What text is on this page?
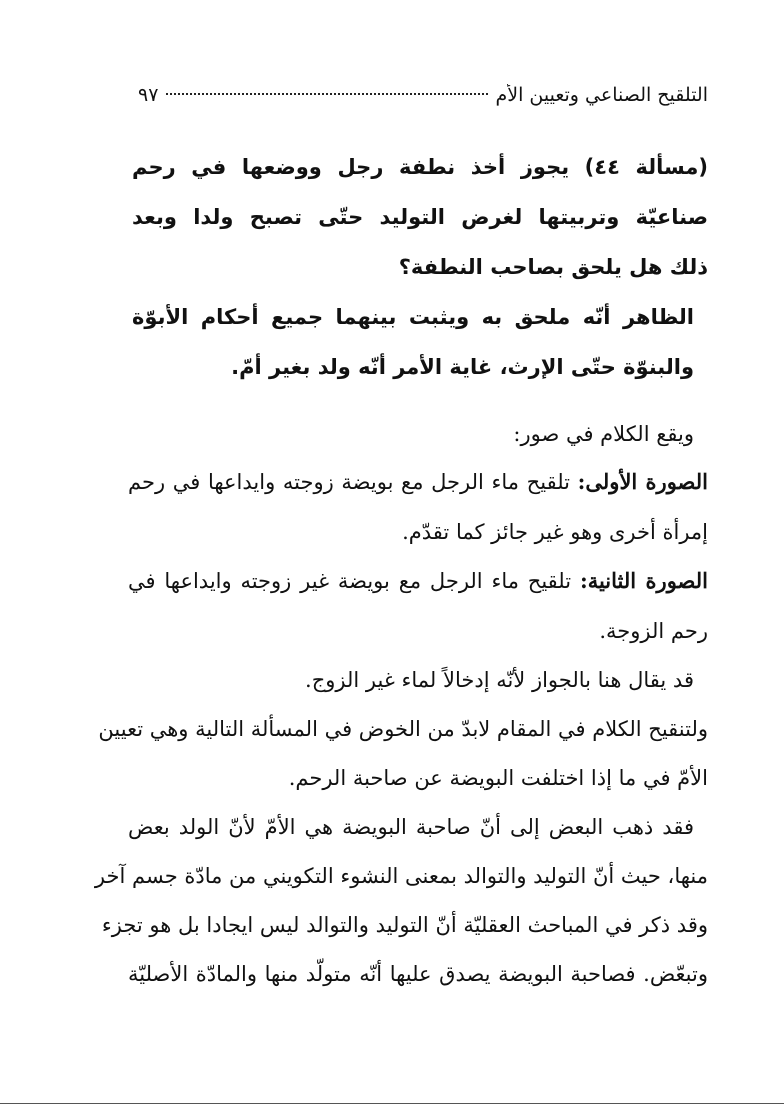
التلقيح الصناعي وتعيين الأم
٩٧
(مسألة ٤٤) يجوز أخذ نطفة رجل ووضعها في رحم
صناعيّة وتربيتها لغرض التوليد حتّى تصبح ولدا وبعد
ذلك هل يلحق بصاحب النطفة؟
الظاهر أنّه ملحق به ويثبت بينهما جميع أحكام الأبوّة
والبنوّة حتّى الإرث، غاية الأمر أنّه ولد بغير أمّ.
ويقع الكلام في صور:
الصورة الأولى: تلقيح ماء الرجل مع بويضة زوجته وايداعها في رحم
إمرأة أخرى وهو غير جائز كما تقدّم.
الصورة الثانية: تلقيح ماء الرجل مع بويضة غير زوجته وايداعها في
رحم الزوجة.
قد يقال هنا بالجواز لأنّه إدخالاً لماء غير الزوج.
ولتنقيح الكلام في المقام لابدّ من الخوض في المسألة التالية وهي تعيين
الأمّ في ما إذا اختلفت البويضة عن صاحبة الرحم.
فقد ذهب البعض إلى أنّ صاحبة البويضة هي الأمّ لأنّ الولد بعض
منها، حيث أنّ التوليد والتوالد بمعنى النشوء التكويني من مادّة جسم آخر
وقد ذكر في المباحث العقليّة أنّ التوليد والتوالد ليس ايجادا بل هو تجزء
وتبعّض. فصاحبة البويضة يصدق عليها أنّه متولّد منها والمادّة الأصليّة
